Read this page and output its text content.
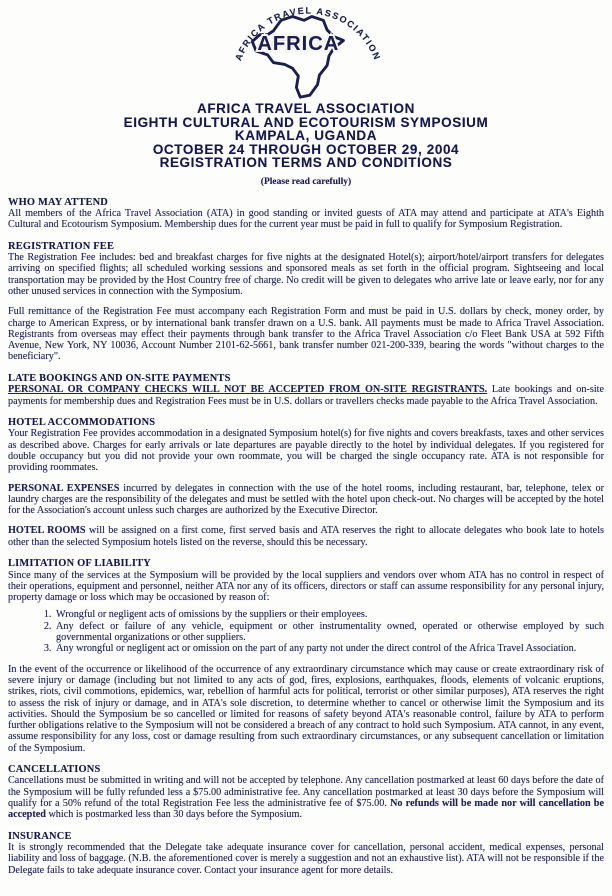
AFRICA TRAVEL ASSOCIATION
AFRICA
AFRICA TRAVEL ASSOCIATION
EIGHTH CULTURAL AND ECOTOURISM SYMPOSIUM
KAMPALA, UGANDA
OCTOBER 24 THROUGH OCTOBER 29, 2004
REGISTRATION TERMS AND CONDITIONS
(Please read carefully)
WHO MAY ATTEND

All members of the Africa Travel Association (ATA) in good standing or invited guests of ATA may attend and participate at ATA's Eighth Cultural and Ecotourism Symposium. Membership dues for the current year must be paid in full to qualify for Symposium Registration.

REGISTRATION FEE

The Registration Fee includes: bed and breakfast charges for five nights at the designated Hotel(s); airport/hotel/airport transfers for delegates arriving on specified flights; all scheduled working sessions and sponsored meals as set forth in the official program. Sightseeing and local transportation may be provided by the Host Country free of charge. No credit will be given to delegates who arrive late or leave early, nor for any other unused services in connection with the Symposium.

Full remittance of the Registration Fee must accompany each Registration Form and must be paid in U.S. dollars by check, money order, by charge to American Express, or by international bank transfer drawn on a U.S. bank. All payments must be made to Africa Travel Association. Registrants from overseas may effect their payments through bank transfer to the Africa Travel Association c/o Fleet Bank USA at 592 Fifth Avenue, New York, NY 10036, Account Number 2101-62-5661, bank transfer number 021-200-339, bearing the words "without charges to the beneficiary".

LATE BOOKINGS AND ON-SITE PAYMENTS

PERSONAL OR COMPANY CHECKS WILL NOT BE ACCEPTED FROM ON-SITE REGISTRANTS. Late bookings and on-site payments for membership dues and Registration Fees must be in U.S. dollars or travellers checks made payable to the Africa Travel Association.

HOTEL ACCOMMODATIONS

Your Registration Fee provides accommodation in a designated Symposium hotel(s) for five nights and covers breakfasts, taxes and other services as described above. Charges for early arrivals or late departures are payable directly to the hotel by individual delegates. If you registered for double occupancy but you did not provide your own roommate, you will be charged the single occupancy rate. ATA is not responsible for providing roommates.

PERSONAL EXPENSES incurred by delegates in connection with the use of the hotel rooms, including restaurant, bar, telephone, telex or laundry charges are the responsibility of the delegates and must be settled with the hotel upon check-out. No charges will be accepted by the hotel for the Association's account unless such charges are authorized by the Executive Director.

HOTEL ROOMS will be assigned on a first come, first served basis and ATA reserves the right to allocate delegates who book late to hotels other than the selected Symposium hotels listed on the reverse, should this be necessary.

LIMITATION OF LIABILITY

Since many of the services at the Symposium will be provided by the local suppliers and vendors over whom ATA has no control in respect of their operations, equipment and personnel, neither ATA nor any of its officers, directors or staff can assume responsibility for any personal injury, property damage or loss which may be occasioned by reason of:

1. Wrongful or negligent acts of omissions by the suppliers or their employees.
2. Any defect or failure of any vehicle, equipment or other instrumentality owned, operated or otherwise employed by such governmental organizations or other suppliers.
3. Any wrongful or negligent act or omission on the part of any party not under the direct control of the Africa Travel Association.

In the event of the occurrence or likelihood of the occurrence of any extraordinary circumstance which may cause or create extraordinary risk of severe injury or damage (including but not limited to any acts of god, fires, explosions, earthquakes, floods, elements of volcanic eruptions, strikes, riots, civil commotions, epidemics, war, rebellion of harmful acts for political, terrorist or other similar purposes), ATA reserves the right to assess the risk of injury or damage, and in ATA's sole discretion, to determine whether to cancel or otherwise limit the Symposium and its activities. Should the Symposium be so cancelled or limited for reasons of safety beyond ATA's reasonable control, failure by ATA to perform further obligations relative to the Symposium will not be considered a breach of any contract to hold such Symposium. ATA cannot, in any event, assume responsibility for any loss, cost or damage resulting from such extraordinary circumstances, or any subsequent cancellation or limitation of the Symposium.

CANCELLATIONS

Cancellations must be submitted in writing and will not be accepted by telephone. Any cancellation postmarked at least 60 days before the date of the Symposium will be fully refunded less a $75.00 administrative fee. Any cancellation postmarked at least 30 days before the Symposium will qualify for a 50% refund of the total Registration Fee less the administrative fee of $75.00. No refunds will be made nor will cancellation be accepted which is postmarked less than 30 days before the Symposium.

INSURANCE

It is strongly recommended that the Delegate take adequate insurance cover for cancellation, personal accident, medical expenses, personal liability and loss of baggage. (N.B. the aforementioned cover is merely a suggestion and not an exhaustive list). ATA will not be responsible if the Delegate fails to take adequate insurance cover. Contact your insurance agent for more details.
